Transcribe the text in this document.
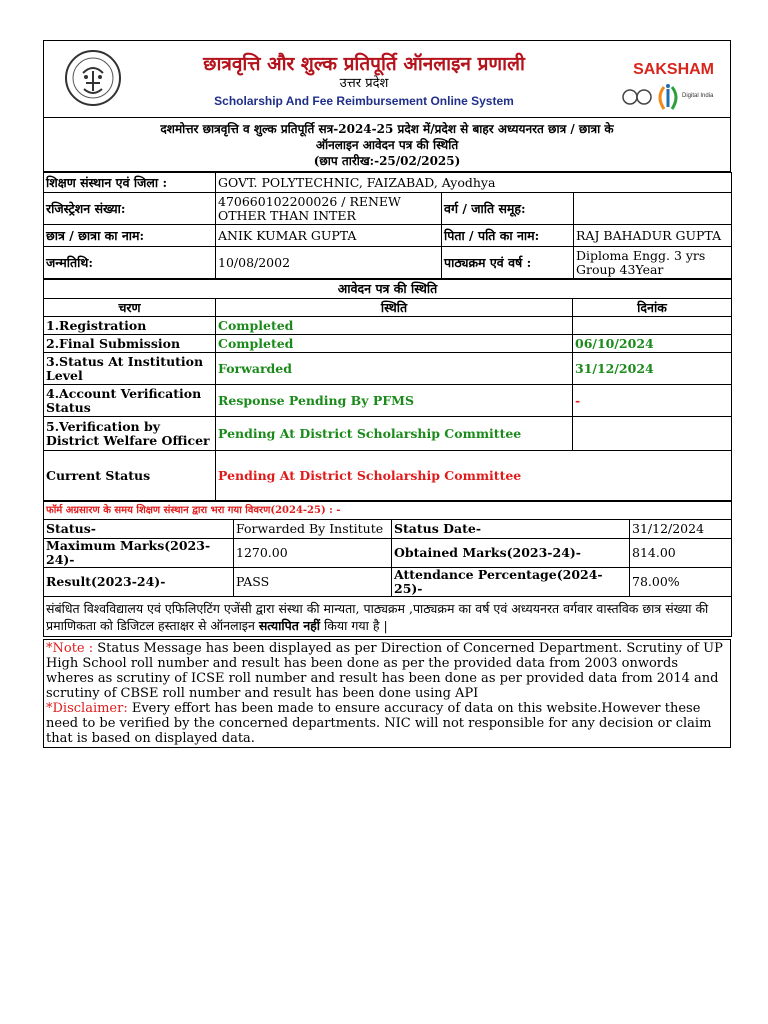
छात्रवृत्ति और शुल्क प्रतिपूर्ति ऑनलाइन प्रणाली
उत्तर प्रदेश
Scholarship And Fee Reimbursement Online System
SAKSHAM
Digital India
दशमोत्तर छात्रवृत्ति व शुल्क प्रतिपूर्ति सत्र-2024-25 प्रदेश में/प्रदेश से बाहर अध्ययनरत छात्र / छात्रा के
ऑनलाइन आवेदन पत्र की स्थिति
(छाप तारीख:-25/02/2025)
शिक्षण संस्थान एवं जिला :	GOVT. POLYTECHNIC, FAIZABAD, Ayodhya		
रजिस्ट्रेशन संख्या:	470660102200026 / RENEW
OTHER THAN INTER	वर्ग / जाति समूह:	
छात्र / छात्रा का नाम:	ANIK KUMAR GUPTA	पिता / पति का नाम:	RAJ BAHADUR GUPTA
जन्मतिथि:	10/08/2002	पाठ्यक्रम एवं वर्ष :	Diploma Engg. 3 yrs
Group 43Year
आवेदन पत्र की स्थिति		
चरण	स्थिति	दिनांक
1.Registration	Completed	
2.Final Submission	Completed	06/10/2024
3.Status At Institution Level	Forwarded	31/12/2024
4.Account Verification Status	Response Pending By PFMS	-
5.Verification by District Welfare Officer	Pending At District Scholarship Committee	
Current Status	Pending At District Scholarship Committee	
फॉर्म अग्रसारण के समय शिक्षण संस्थान द्वारा भरा गया विवरण(2024-25) : -			
Status-	Forwarded By Institute	Status Date-	31/12/2024
Maximum Marks(2023-24)-	1270.00	Obtained Marks(2023-24)-	814.00
Result(2023-24)-	PASS	Attendance Percentage(2024-25)-	78.00%
संबंधित विश्वविद्यालय एवं एफिलिएटिंग एजेंसी द्वारा संस्था की मान्यता, पाठ्यक्रम ,पाठ्यक्रम का वर्ष एवं अध्ययनरत वर्गवार वास्तविक छात्र संख्या की प्रमाणिकता को डिजिटल हस्ताक्षर से ऑनलाइन सत्यापित नहीं किया गया है |			
*Note : Status Message has been displayed as per Direction of Concerned Department. Scrutiny of UP High School roll number and result has been done as per the provided data from 2003 onwords wheres as scrutiny of ICSE roll number and result has been done as per provided data from 2014 and scrutiny of CBSE roll number and result has been done using API
*Disclaimer: Every effort has been made to ensure accuracy of data on this website.However these need to be verified by the concerned departments. NIC will not responsible for any decision or claim that is based on displayed data.
